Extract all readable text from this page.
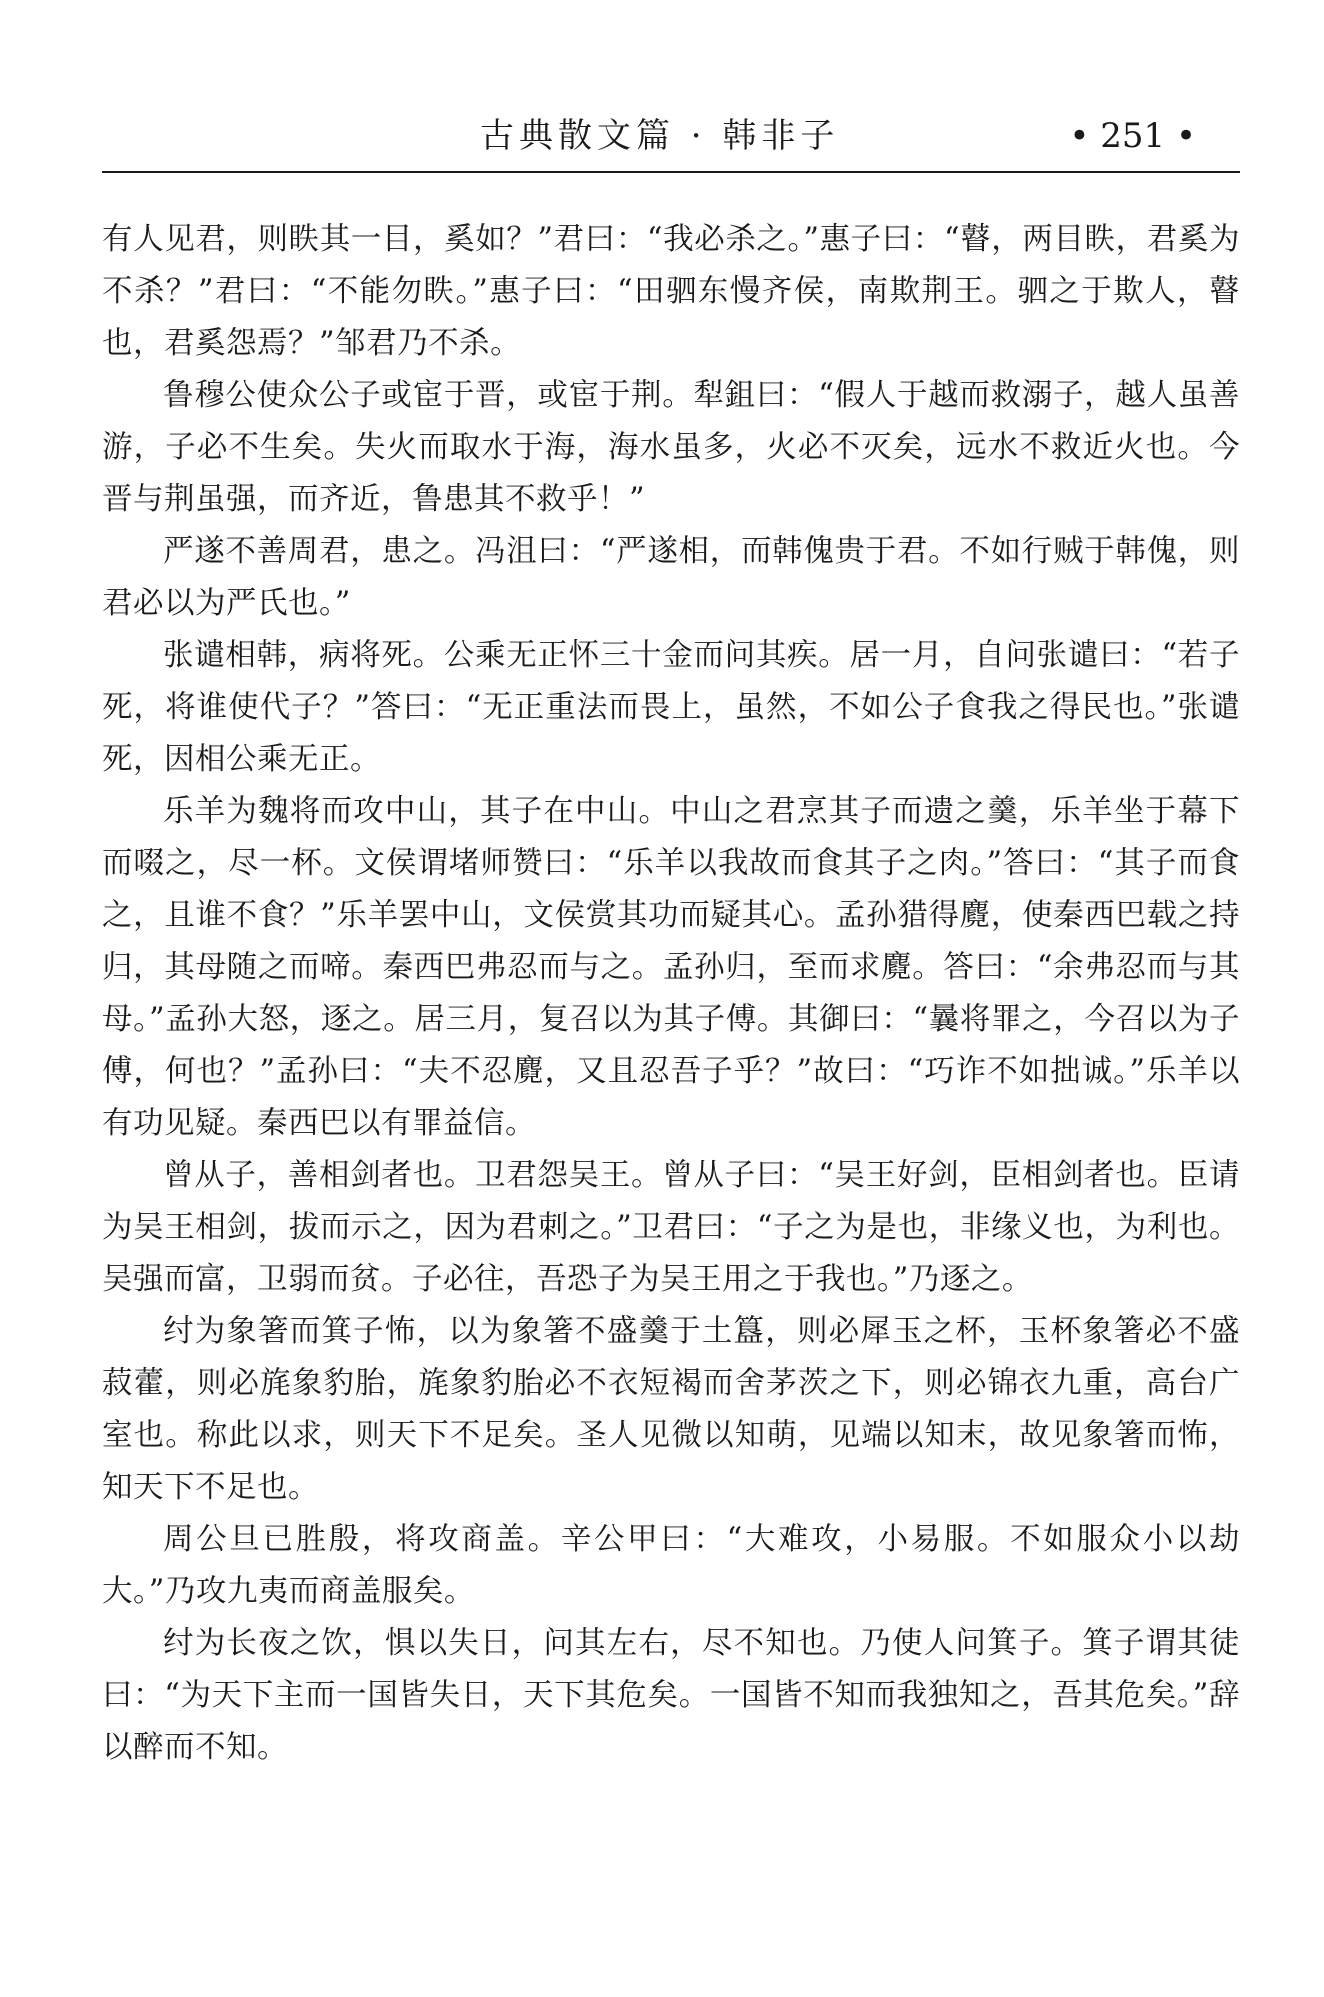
古典散文篇 · 韩非子	• 251 •

有人见君，则眣其一目，奚如？”君曰：“我必杀之。”惠子曰：“瞽，两目眣，君奚为不杀？”君曰：“不能勿眣。”惠子曰：“田驷东慢齐侯，南欺荆王。驷之于欺人，瞽也，君奚怨焉？”邹君乃不杀。

鲁穆公使众公子或宦于晋，或宦于荆。犁鉏曰：“假人于越而救溺子，越人虽善游，子必不生矣。失火而取水于海，海水虽多，火必不灭矣，远水不救近火也。今晋与荆虽强，而齐近，鲁患其不救乎！”

严遂不善周君，患之。冯沮曰：“严遂相，而韩傀贵于君。不如行贼于韩傀，则君必以为严氏也。”

张谴相韩，病将死。公乘无正怀三十金而问其疾。居一月，自问张谴曰：“若子死，将谁使代子？”答曰：“无正重法而畏上，虽然，不如公子食我之得民也。”张谴死，因相公乘无正。

乐羊为魏将而攻中山，其子在中山。中山之君烹其子而遗之羹，乐羊坐于幕下而啜之，尽一杯。文侯谓堵师赞曰：“乐羊以我故而食其子之肉。”答曰：“其子而食之，且谁不食？”乐羊罢中山，文侯赏其功而疑其心。孟孙猎得麑，使秦西巴载之持归，其母随之而啼。秦西巴弗忍而与之。孟孙归，至而求麑。答曰：“余弗忍而与其母。”孟孙大怒，逐之。居三月，复召以为其子傅。其御曰：“曩将罪之，今召以为子傅，何也？”孟孙曰：“夫不忍麑，又且忍吾子乎？”故曰：“巧诈不如拙诚。”乐羊以有功见疑。秦西巴以有罪益信。

曾从子，善相剑者也。卫君怨吴王。曾从子曰：“吴王好剑，臣相剑者也。臣请为吴王相剑，拔而示之，因为君刺之。”卫君曰：“子之为是也，非缘义也，为利也。吴强而富，卫弱而贫。子必往，吾恐子为吴王用之于我也。”乃逐之。

纣为象箸而箕子怖，以为象箸不盛羹于土簋，则必犀玉之杯，玉杯象箸必不盛菽藿，则必旄象豹胎，旄象豹胎必不衣短褐而舍茅茨之下，则必锦衣九重，高台广室也。称此以求，则天下不足矣。圣人见微以知萌，见端以知末，故见象箸而怖，知天下不足也。

周公旦已胜殷，将攻商盖。辛公甲曰：“大难攻，小易服。不如服众小以劫大。”乃攻九夷而商盖服矣。

纣为长夜之饮，惧以失日，问其左右，尽不知也。乃使人问箕子。箕子谓其徒曰：“为天下主而一国皆失日，天下其危矣。一国皆不知而我独知之，吾其危矣。”辞以醉而不知。
